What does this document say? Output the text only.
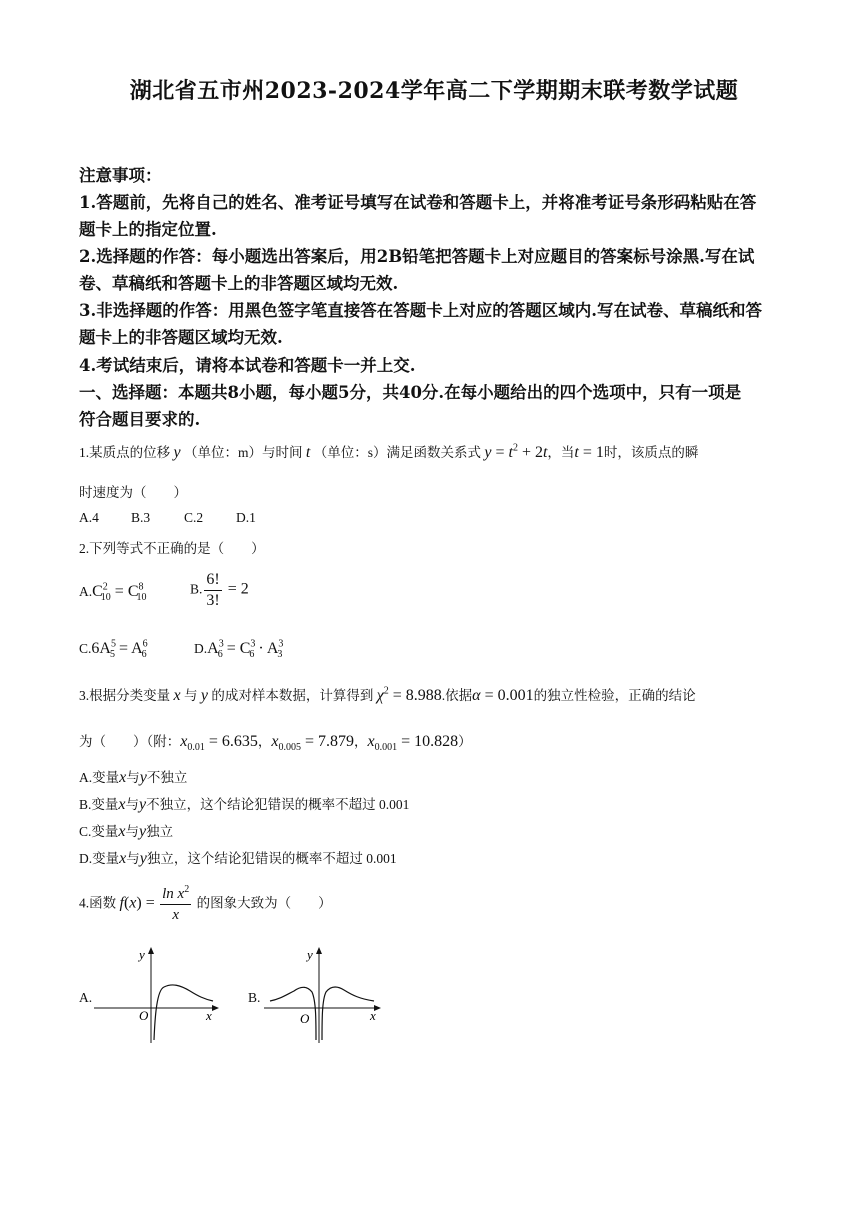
湖北省五市州2023-2024学年高二下学期期末联考数学试题
注意事项：
1.答题前，先将自己的姓名、准考证号填写在试卷和答题卡上，并将准考证号条形码粘贴在答
题卡上的指定位置.
2.选择题的作答：每小题选出答案后，用2B铅笔把答题卡上对应题目的答案标号涂黑.写在试
卷、草稿纸和答题卡上的非答题区域均无效.
3.非选择题的作答：用黑色签字笔直接答在答题卡上对应的答题区域内.写在试卷、草稿纸和答
题卡上的非答题区域均无效.
4.考试结束后，请将本试卷和答题卡一并上交.
一、选择题：本题共8小题，每小题5分，共40分.在每小题给出的四个选项中，只有一项是
符合题目要求的.
1.某质点的位移 y （单位：m）与时间 t （单位：s）满足函数关系式 $y = t^2 + 2t$，当t = 1时，该质点的瞬
时速度为（　　）
A.4 B.3	C.2 D.1
2.下列等式不正确的是（　　）
$A.C^2_{10} = C^8_{10}$
B. $\frac{6!}{3!} = 2$
$C.6A^5_5 = A^6_6$	$D.A^3_6 = C^3_6 \cdot A^3_3$
3.根据分类变量 x 与 y 的成对样本数据，计算得到 $\chi^2 = 8.988$.依据α = 0.001的独立性检验，正确的结论
为（　　）（附：$x_{0.01} = 6.635$，$x_{0.005} = 7.879$，$x_{0.001} = 10.828$）
A.变量x与y不独立
B.变量x与y不独立，这个结论犯错误的概率不超过 0.001
C.变量x与y独立
D.变量x与y独立，这个结论犯错误的概率不超过 0.001
4.函数 $f(x) = \frac{\ln x^2}{x}$ 的图象大致为（　　）
A.
y
O	x
B.
y
O	x
